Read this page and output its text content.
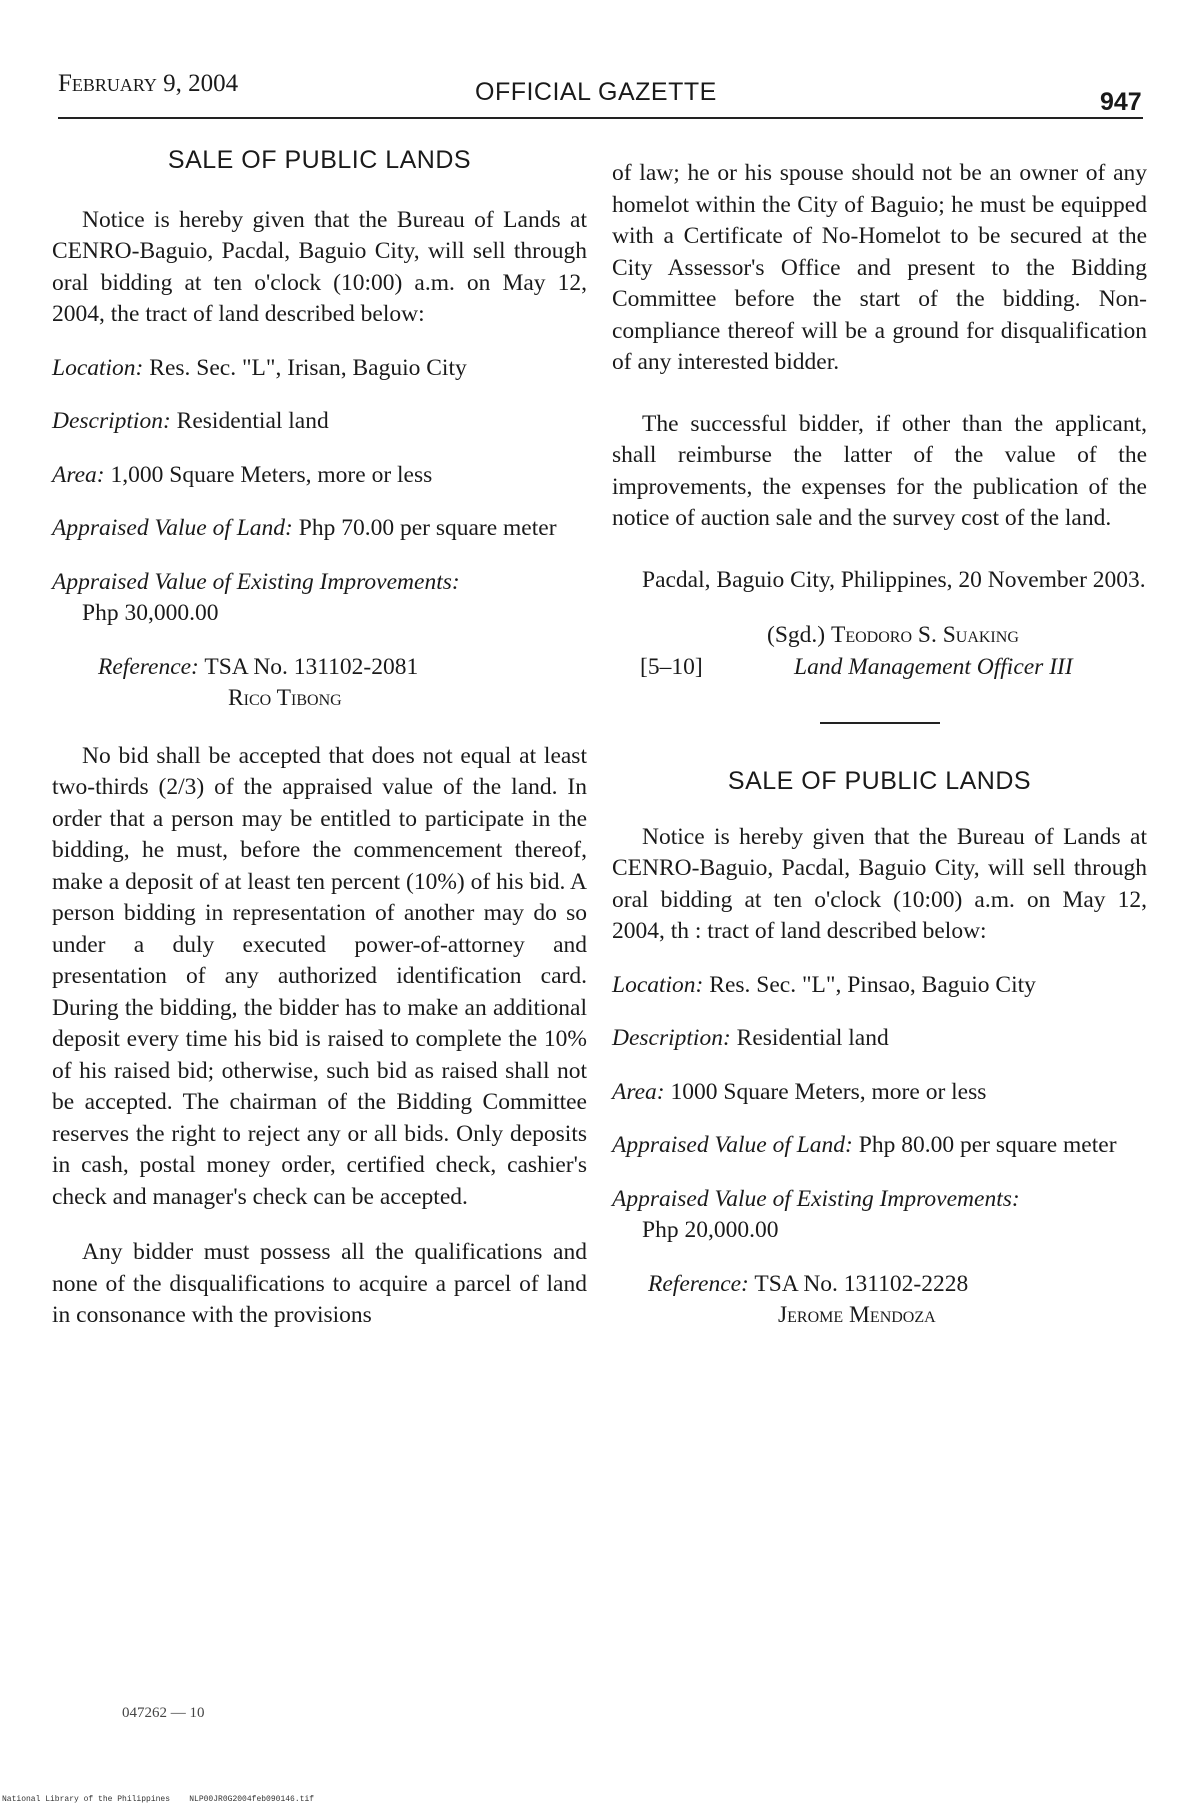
February 9, 2004	OFFICIAL GAZETTE	947

SALE OF PUBLIC LANDS

Notice is hereby given that the Bureau of Lands at CENRO-Baguio, Pacdal, Baguio City, will sell through oral bidding at ten o'clock (10:00) a.m. on May 12, 2004, the tract of land described below:

Location: Res. Sec. "L", Irisan, Baguio City

Description: Residential land

Area: 1,000 Square Meters, more or less

Appraised Value of Land: Php 70.00 per square meter

Appraised Value of Existing Improvements:
Php 30,000.00

Reference: TSA No. 131102-2081
Rico Tibong

No bid shall be accepted that does not equal at least two-thirds (2/3) of the appraised value of the land. In order that a person may be entitled to participate in the bidding, he must, before the commencement thereof, make a deposit of at least ten percent (10%) of his bid. A person bidding in representation of another may do so under a duly executed power-of-attorney and presentation of any authorized identification card. During the bidding, the bidder has to make an additional deposit every time his bid is raised to complete the 10% of his raised bid; otherwise, such bid as raised shall not be accepted. The chairman of the Bidding Committee reserves the right to reject any or all bids. Only deposits in cash, postal money order, certified check, cashier's check and manager's check can be accepted.

Any bidder must possess all the qualifications and none of the disqualifications to acquire a parcel of land in consonance with the provisions

of law; he or his spouse should not be an owner of any homelot within the City of Baguio; he must be equipped with a Certificate of No-Homelot to be secured at the City Assessor's Office and present to the Bidding Committee before the start of the bidding. Non-compliance thereof will be a ground for disqualification of any interested bidder.

The successful bidder, if other than the applicant, shall reimburse the latter of the value of the improvements, the expenses for the publication of the notice of auction sale and the survey cost of the land.

Pacdal, Baguio City, Philippines, 20 November 2003.

(Sgd.) Teodoro S. Suaking
[5–10]	Land Management Officer III

SALE OF PUBLIC LANDS

Notice is hereby given that the Bureau of Lands at CENRO-Baguio, Pacdal, Baguio City, will sell through oral bidding at ten o'clock (10:00) a.m. on May 12, 2004, th : tract of land described below:

Location: Res. Sec. "L", Pinsao, Baguio City

Description: Residential land

Area: 1000 Square Meters, more or less

Appraised Value of Land: Php 80.00 per square meter

Appraised Value of Existing Improvements:
Php 20,000.00

Reference: TSA No. 131102-2228
Jerome Mendoza
047262 — 10
National Library of the Philippines    NLP00JR0G2004feb090146.tif
